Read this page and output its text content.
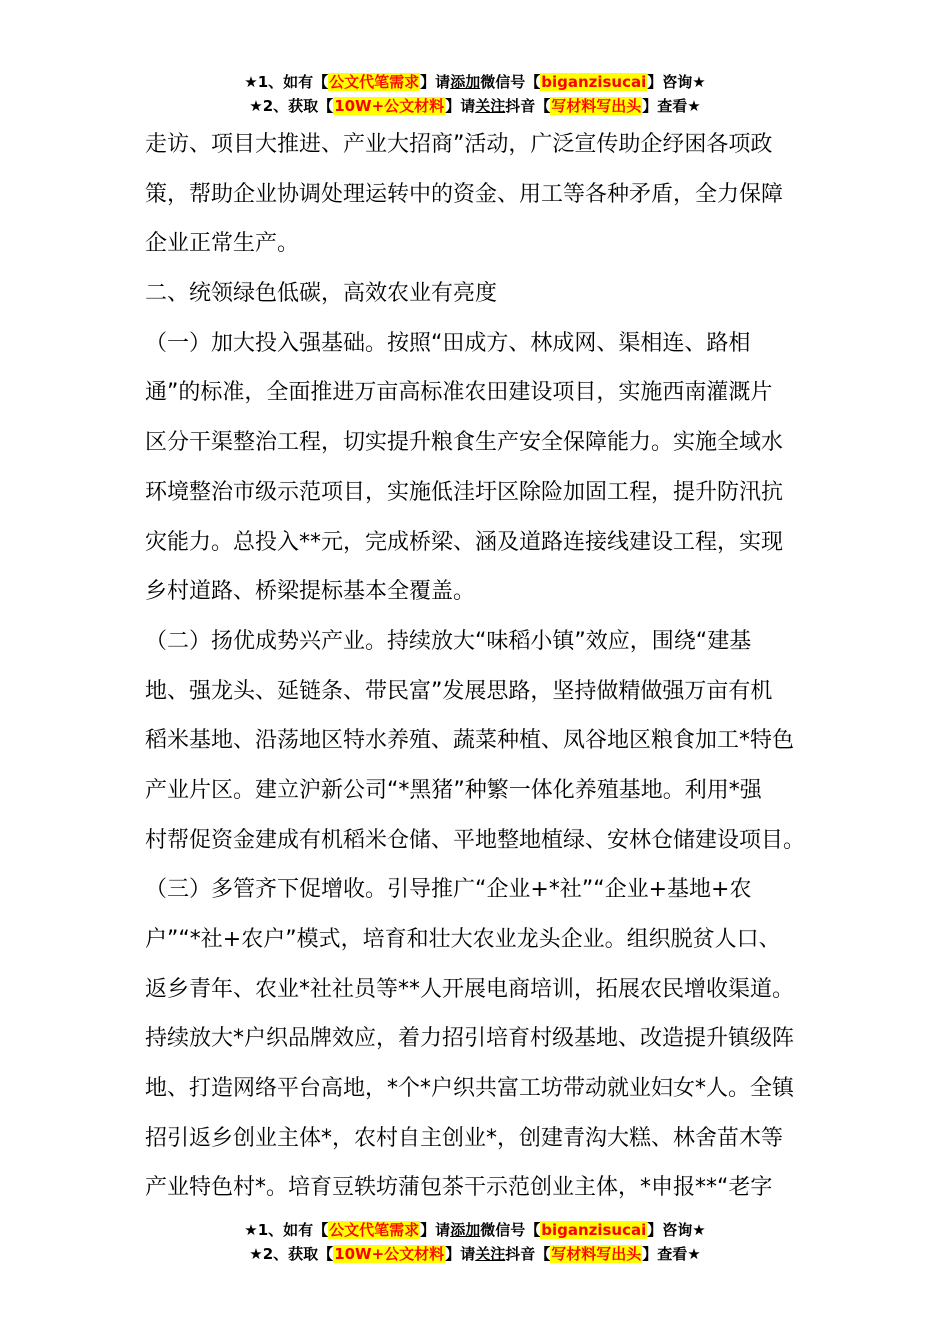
★1、如有【公文代笔需求】请添加微信号【biganzisucai】咨询★
★2、获取【10W+公文材料】请关注抖音【写材料写出头】查看★
走访、项目大推进、产业大招商”活动，广泛宣传助企纾困各项政
策，帮助企业协调处理运转中的资金、用工等各种矛盾，全力保障
企业正常生产。
二、统领绿色低碳，高效农业有亮度
（一）加大投入强基础。按照“田成方、林成网、渠相连、路相
通”的标准，全面推进万亩高标准农田建设项目，实施西南灌溉片
区分干渠整治工程，切实提升粮食生产安全保障能力。实施全域水
环境整治市级示范项目，实施低洼圩区除险加固工程，提升防汛抗
灾能力。总投入**元，完成桥梁、涵及道路连接线建设工程，实现
乡村道路、桥梁提标基本全覆盖。
（二）扬优成势兴产业。持续放大“味稻小镇”效应，围绕“建基
地、强龙头、延链条、带民富”发展思路，坚持做精做强万亩有机
稻米基地、沿荡地区特水养殖、蔬菜种植、凤谷地区粮食加工*特色
产业片区。建立沪新公司“*黑猪”种繁一体化养殖基地。利用*强
村帮促资金建成有机稻米仓储、平地整地植绿、安林仓储建设项目。
（三）多管齐下促增收。引导推广“企业+*社”“企业+基地+农
户”“*社+农户”模式，培育和壮大农业龙头企业。组织脱贫人口、
返乡青年、农业*社社员等**人开展电商培训，拓展农民增收渠道。
持续放大*户织品牌效应，着力招引培育村级基地、改造提升镇级阵
地、打造网络平台高地，*个*户织共富工坊带动就业妇女*人。全镇
招引返乡创业主体*，农村自主创业*，创建青沟大糕、林舍苗木等
产业特色村*。培育豆轶坊蒲包茶干示范创业主体，*申报**“老字
★1、如有【公文代笔需求】请添加微信号【biganzisucai】咨询★
★2、获取【10W+公文材料】请关注抖音【写材料写出头】查看★
